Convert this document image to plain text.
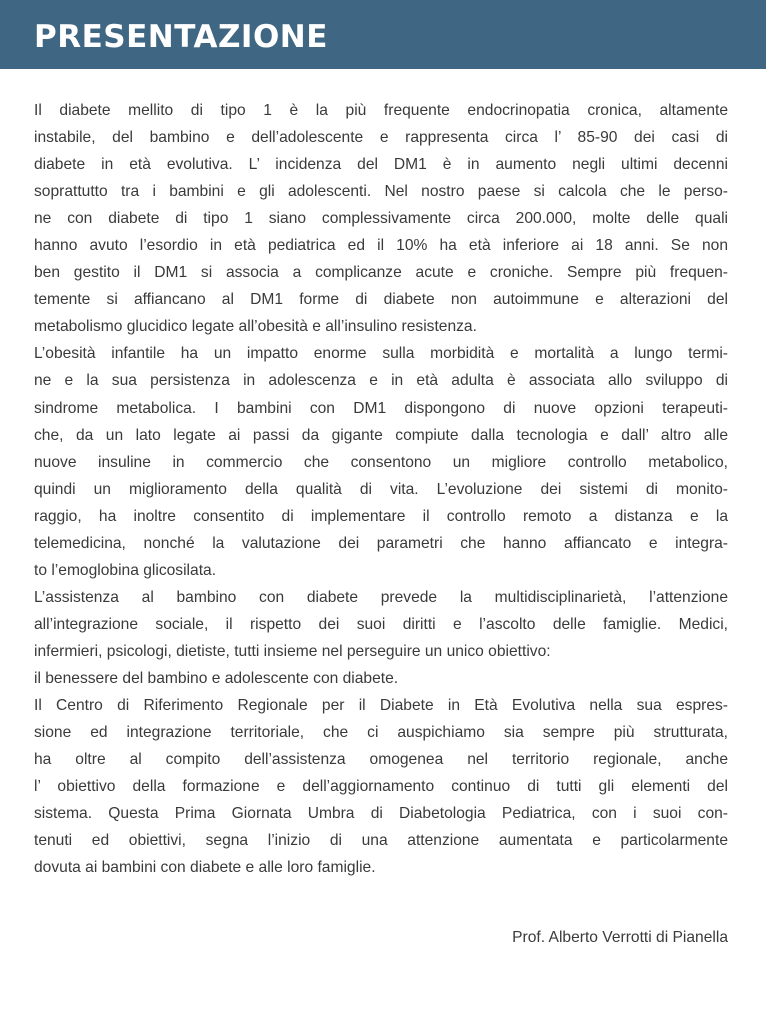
PRESENTAZIONE
Il diabete mellito di tipo 1 è la più frequente endocrinopatia cronica, altamente
instabile, del bambino e dell’adolescente e rappresenta circa l’ 85-90 dei casi di
diabete in età evolutiva. L’ incidenza del DM1 è in aumento negli ultimi decenni
soprattutto tra i bambini e gli adolescenti. Nel nostro paese si calcola che le perso-
ne con diabete di tipo 1 siano complessivamente circa 200.000, molte delle quali
hanno avuto l’esordio in età pediatrica ed il 10% ha età inferiore ai 18 anni. Se non
ben gestito il DM1 si associa a complicanze acute e croniche. Sempre più frequen-
temente si affiancano al DM1 forme di diabete non autoimmune e alterazioni del
metabolismo glucidico legate all’obesità e all’insulino resistenza.
L’obesità infantile ha un impatto enorme sulla morbidità e mortalità a lungo termi-
ne e la sua persistenza in adolescenza e in età adulta è associata allo sviluppo di
sindrome metabolica. I bambini con DM1 dispongono di nuove opzioni terapeuti-
che, da un lato legate ai passi da gigante compiute dalla tecnologia e dall’ altro alle
nuove insuline in commercio che consentono un migliore controllo metabolico,
quindi un miglioramento della qualità di vita. L’evoluzione dei sistemi di monito-
raggio, ha inoltre consentito di implementare il controllo remoto a distanza e la
telemedicina, nonché la valutazione dei parametri che hanno affiancato e integra-
to l’emoglobina glicosilata.
L’assistenza al bambino con diabete prevede la multidisciplinarietà, l’attenzione
all’integrazione sociale, il rispetto dei suoi diritti e l’ascolto delle famiglie. Medici,
infermieri, psicologi, dietiste, tutti insieme nel perseguire un unico obiettivo:
il benessere del bambino e adolescente con diabete.
Il Centro di Riferimento Regionale per il Diabete in Età Evolutiva nella sua espres-
sione ed integrazione territoriale, che ci auspichiamo sia sempre più strutturata,
ha oltre al compito dell’assistenza omogenea nel territorio regionale, anche
l’ obiettivo della formazione e dell’aggiornamento continuo di tutti gli elementi del
sistema. Questa Prima Giornata Umbra di Diabetologia Pediatrica, con i suoi con-
tenuti ed obiettivi, segna l’inizio di una attenzione aumentata e particolarmente
dovuta ai bambini con diabete e alle loro famiglie.
Prof. Alberto Verrotti di Pianella
